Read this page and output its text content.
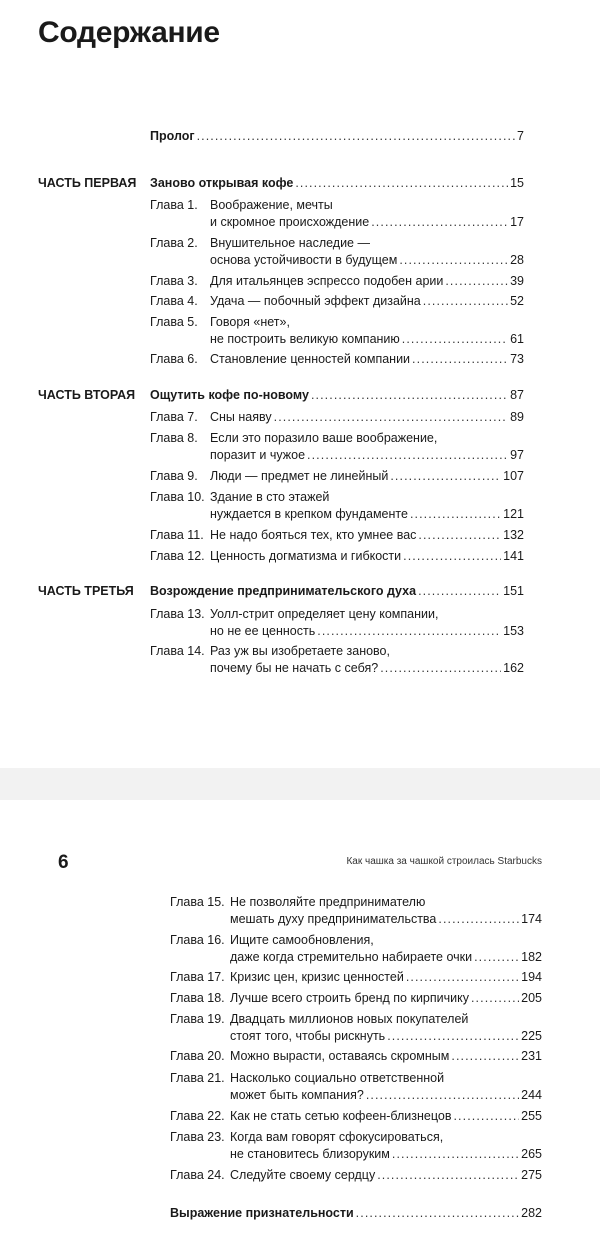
Содержание
Пролог .....	7
ЧАСТЬ ПЕРВАЯ Заново открывая кофе .....	15
Глава 1. Воображение, мечты
и скромное происхождение .....	17
Глава 2. Внушительное наследие —
основа устойчивости в будущем .....	28
Глава 3. Для итальянцев эспрессо подобен арии .....	39
Глава 4. Удача — побочный эффект дизайна .....	52
Глава 5. Говоря «нет»,
не построить великую компанию .....	61
Глава 6. Становление ценностей компании .....	73
ЧАСТЬ ВТОРАЯ Ощутить кофе по-новому .....	87
Глава 7. Сны наяву .....	89
Глава 8. Если это поразило ваше воображение,
поразит и чужое .....	97
Глава 9. Люди — предмет не линейный .....	107
Глава 10. Здание в сто этажей
нуждается в крепком фундаменте .....	121
Глава 11. Не надо бояться тех, кто умнее вас .....	132
Глава 12. Ценность догматизма и гибкости .....	141
ЧАСТЬ ТРЕТЬЯ Возрождение предпринимательского духа .....	151
Глава 13. Уолл-стрит определяет цену компании,
но не ее ценность .....	153
Глава 14. Раз уж вы изобретаете заново,
почему бы не начать с себя? .....	162
6	Как чашка за чашкой строилась Starbucks
Глава 15. Не позволяйте предпринимателю
мешать духу предпринимательства .....	174
Глава 16. Ищите самообновления,
даже когда стремительно набираете очки .....	182
Глава 17. Кризис цен, кризис ценностей .....	194
Глава 18. Лучше всего строить бренд по кирпичику .....	205
Глава 19. Двадцать миллионов новых покупателей
стоят того, чтобы рискнуть .....	225
Глава 20. Можно вырасти, оставаясь скромным .....	231
Глава 21. Насколько социально ответственной
может быть компания? .....	244
Глава 22. Как не стать сетью кофеен-близнецов .....	255
Глава 23. Когда вам говорят сфокусироваться,
не становитесь близоруким .....	265
Глава 24. Следуйте своему сердцу .....	275
Выражение признательности .....	282
